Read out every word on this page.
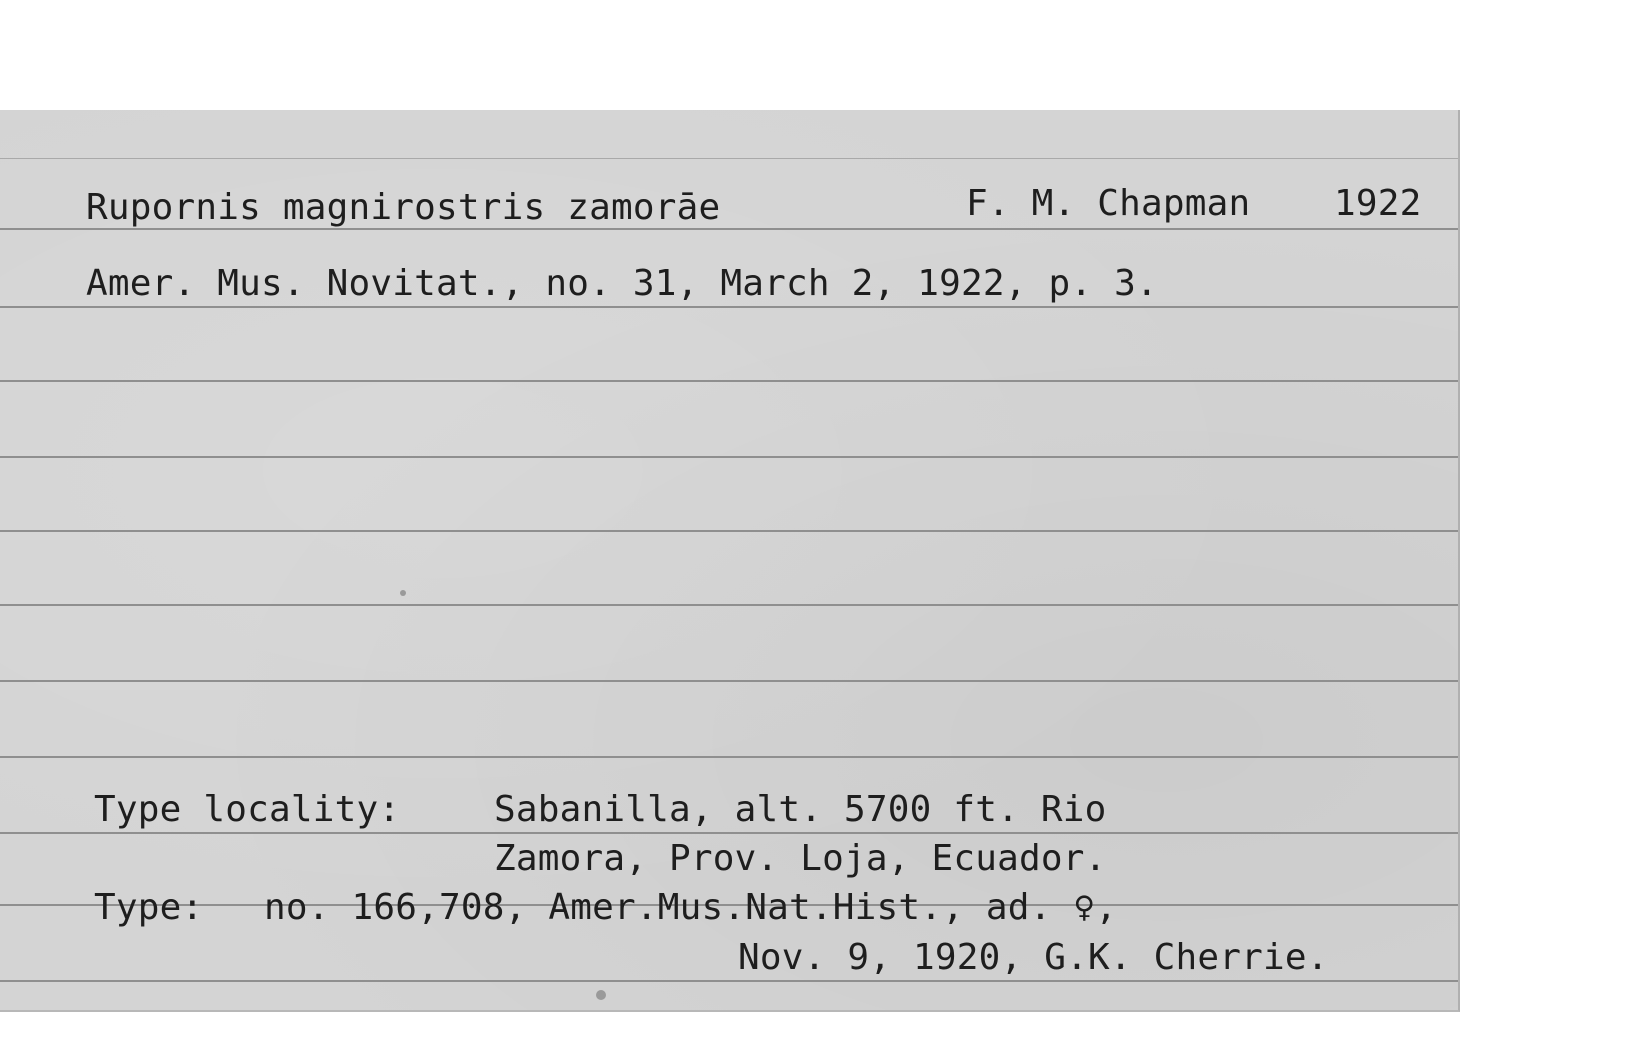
Rupornis magnirostris zamorāe	F. M. Chapman 1922
Amer. Mus. Novitat., no. 31, March 2, 1922, p. 3.
Type locality:	Sabanilla, alt. 5700 ft. Rio
Zamora, Prov. Loja, Ecuador.
Type: no. 166,708, Amer.Mus.Nat.Hist., ad. ♀,
Nov. 9, 1920, G.K. Cherrie.
